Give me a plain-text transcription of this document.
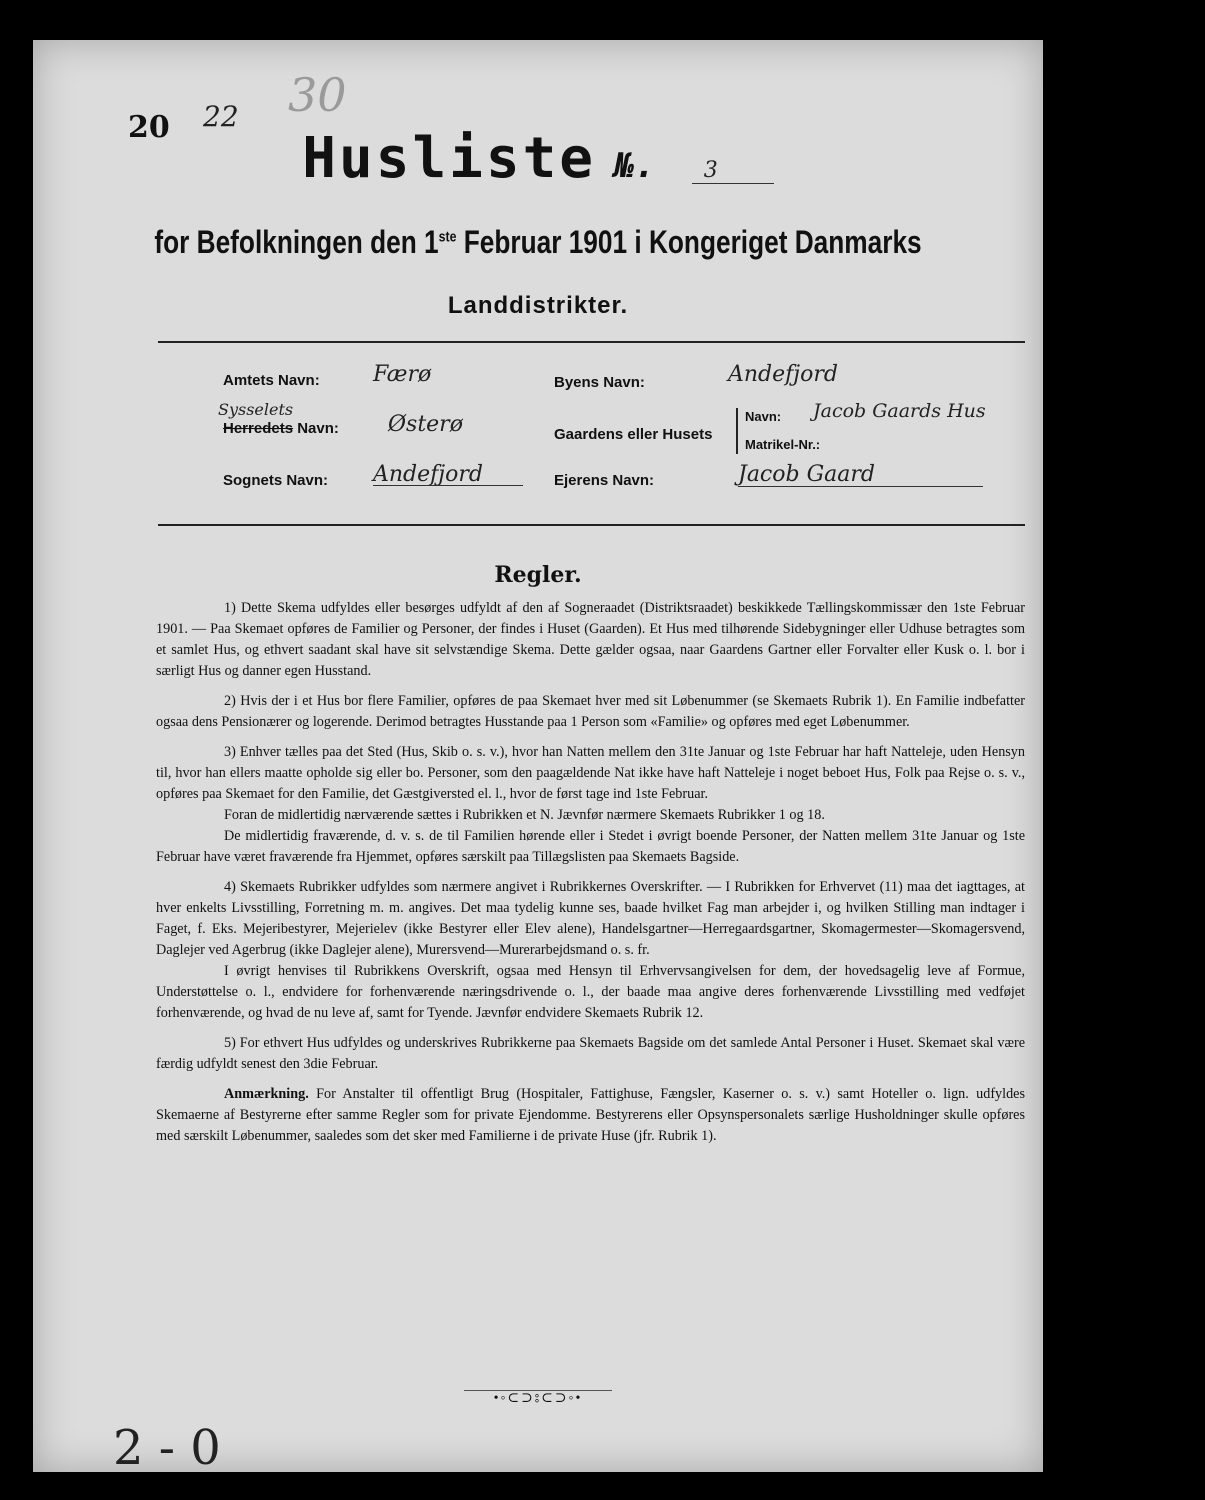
20 22 30
Husliste №. 3
for Befolkningen den 1ste Februar 1901 i Kongeriget Danmarks
Landdistrikter.
Amtets Navn: Færø
Sysselets
Herredets Navn: Østerø
Sognets Navn: Andefjord
Byens Navn:	Andefjord
Gaardens eller Husets
Navn: Jacob Gaards Hus
Matrikel-Nr.:
Ejerens Navn:	Jacob Gaard
Regler.

1) Dette Skema udfyldes eller besørges udfyldt af den af Sogneraadet (Distriktsraadet) beskikkede Tællingskommissær den 1ste Februar 1901. — Paa Skemaet opføres de Familier og Personer, der findes i Huset (Gaarden). Et Hus med tilhørende Sidebygninger eller Udhuse betragtes som et samlet Hus, og ethvert saadant skal have sit selvstændige Skema. Dette gælder ogsaa, naar Gaardens Gartner eller Forvalter eller Kusk o. l. bor i særligt Hus og danner egen Husstand.

2) Hvis der i et Hus bor flere Familier, opføres de paa Skemaet hver med sit Løbenummer (se Skemaets Rubrik 1). En Familie indbefatter ogsaa dens Pensionærer og logerende. Derimod betragtes Husstande paa 1 Person som «Familie» og opføres med eget Løbenummer.

3) Enhver tælles paa det Sted (Hus, Skib o. s. v.), hvor han Natten mellem den 31te Januar og 1ste Februar har haft Natteleje, uden Hensyn til, hvor han ellers maatte opholde sig eller bo. Personer, som den paagældende Nat ikke have haft Natteleje i noget beboet Hus, Folk paa Rejse o. s. v., opføres paa Skemaet for den Familie, det Gæstgiversted el. l., hvor de først tage ind 1ste Februar.

Foran de midlertidig nærværende sættes i Rubrikken et N. Jævnfør nærmere Skemaets Rubrikker 1 og 18.

De midlertidig fraværende, d. v. s. de til Familien hørende eller i Stedet i øvrigt boende Personer, der Natten mellem 31te Januar og 1ste Februar have været fraværende fra Hjemmet, opføres særskilt paa Tillægslisten paa Skemaets Bagside.

4) Skemaets Rubrikker udfyldes som nærmere angivet i Rubrikkernes Overskrifter. — I Rubrikken for Erhvervet (11) maa det iagttages, at hver enkelts Livsstilling, Forretning m. m. angives. Det maa tydelig kunne ses, baade hvilket Fag man arbejder i, og hvilken Stilling man indtager i Faget, f. Eks. Mejeribestyrer, Mejerielev (ikke Bestyrer eller Elev alene), Handelsgartner—Herregaardsgartner, Skomagermester—Skomagersvend, Daglejer ved Agerbrug (ikke Daglejer alene), Murersvend—Murerarbejdsmand o. s. fr.

I øvrigt henvises til Rubrikkens Overskrift, ogsaa med Hensyn til Erhvervsangivelsen for dem, der hovedsagelig leve af Formue, Understøttelse o. l., endvidere for forhenværende næringsdrivende o. l., der baade maa angive deres forhenværende Livsstilling med vedføjet forhenværende, og hvad de nu leve af, samt for Tyende. Jævnfør endvidere Skemaets Rubrik 12.

5) For ethvert Hus udfyldes og underskrives Rubrikkerne paa Skemaets Bagside om det samlede Antal Personer i Huset. Skemaet skal være færdig udfyldt senest den 3die Februar.

Anmærkning. For Anstalter til offentligt Brug (Hospitaler, Fattighuse, Fængsler, Kaserner o. s. v.) samt Hoteller o. lign. udfyldes Skemaerne af Bestyrerne efter samme Regler som for private Ejendomme. Bestyrerens eller Opsynspersonalets særlige Husholdninger skulle opføres med særskilt Løbenummer, saaledes som det sker med Familierne i de private Huse (jfr. Rubrik 1).

•◦⊂⊃⦂⊂⊃◦•
2 - 0
